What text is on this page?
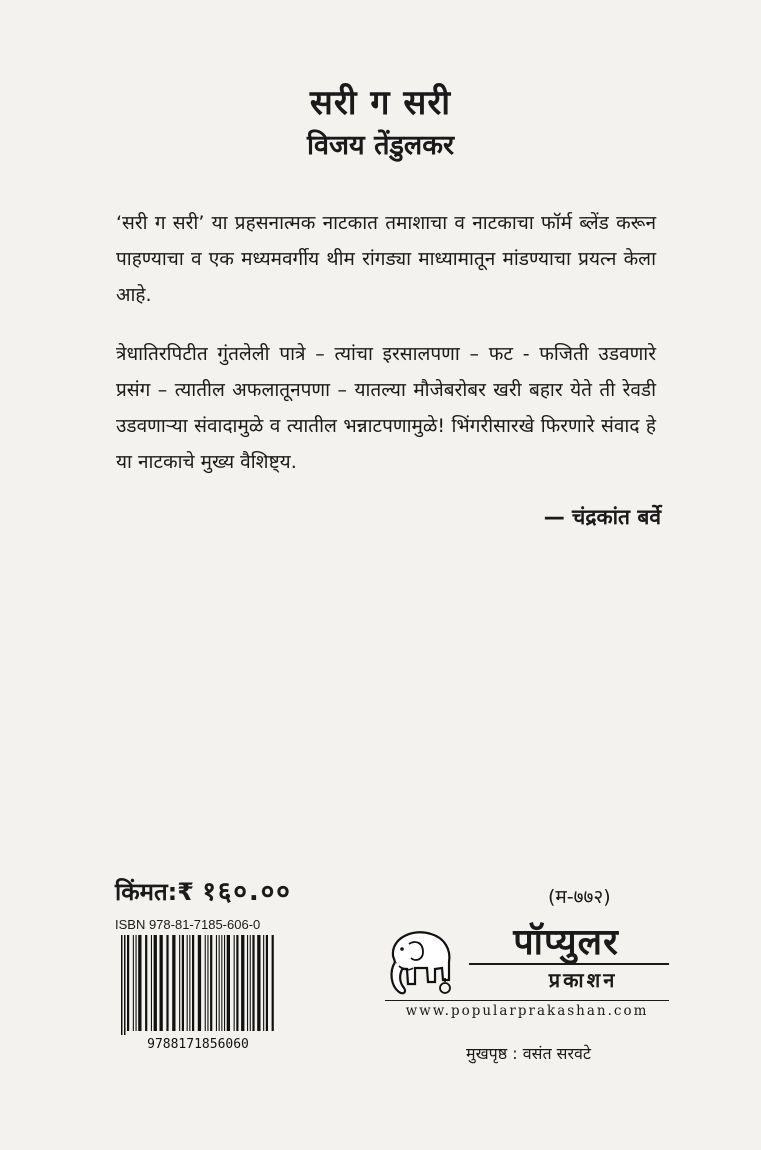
सरी ग सरी
विजय तेंडुलकर
‘सरी ग सरी’ या प्रहसनात्मक नाटकात तमाशाचा व नाटकाचा फॉर्म ब्लेंड करून पाहण्याचा व एक मध्यमवर्गीय थीम रांगड्या माध्यामातून मांडण्याचा प्रयत्न केला आहे.
त्रेधातिरपिटीत गुंतलेली पात्रे – त्यांचा इरसालपणा – फट - फजिती उडवणारे प्रसंग – त्यातील अफलातूनपणा – यातल्या मौजेबरोबर खरी बहार येते ती रेवडी उडवणाऱ्या संवादामुळे व त्यातील भन्नाटपणामुळे! भिंगरीसारखे फिरणारे संवाद हे या नाटकाचे मुख्य वैशिष्ट्य.
— चंद्रकांत बर्वे
किंमत:₹ १६०.००	(म-७७२)
ISBN 978-81-7185-606-0
9788171856060
पॉप्युलर
प्रकाशन
www.popularprakashan.com
मुखपृष्ठ : वसंत सरवटे
